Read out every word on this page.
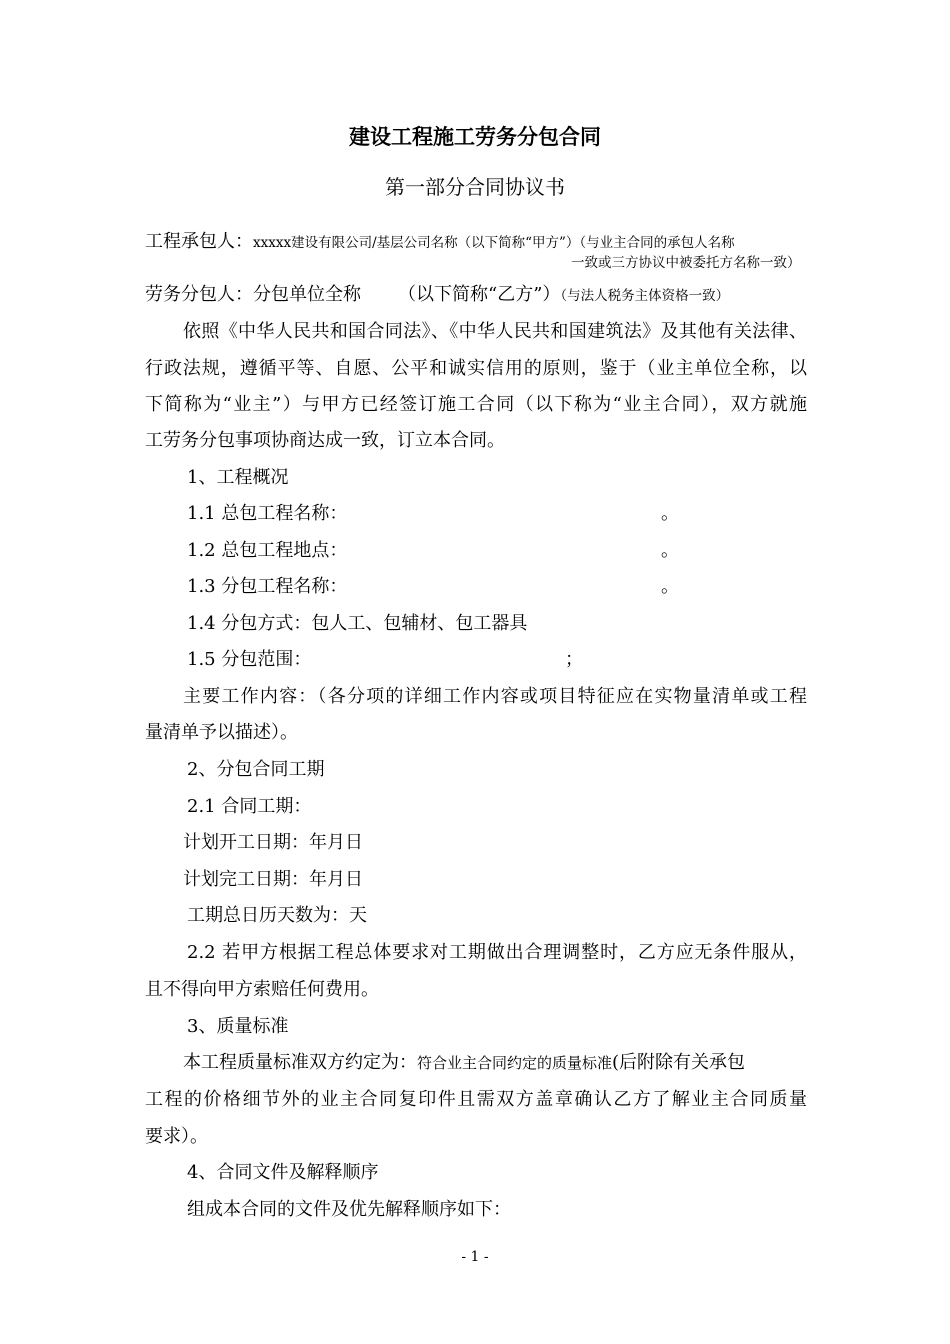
建设工程施工劳务分包合同
第一部分合同协议书
工程承包人：xxxxx建设有限公司/基层公司名称（以下简称“甲方”）（与业主合同的承包人名称
一致或三方协议中被委托方名称一致）
劳务分包人：分包单位全称 （以下简称“乙方”）（与法人税务主体资格一致）
依照《中华人民共和国合同法》、《中华人民共和国建筑法》及其他有关法律、
行政法规，遵循平等、自愿、公平和诚实信用的原则，鉴于（业主单位全称，以
下简称为“业主”）与甲方已经签订施工合同（以下称为“业主合同），双方就施
工劳务分包事项协商达成一致，订立本合同。
1、工程概况
1.1 总包工程名称：	。
1.2 总包工程地点：	。
1.3 分包工程名称：	。
1.4 分包方式：包人工、包辅材、包工器具
1.5 分包范围：	；
主要工作内容：（各分项的详细工作内容或项目特征应在实物量清单或工程
量清单予以描述）。
2、分包合同工期
2.1 合同工期：
计划开工日期：年月日
计划完工日期：年月日
工期总日历天数为：天
2.2 若甲方根据工程总体要求对工期做出合理调整时，乙方应无条件服从，
且不得向甲方索赔任何费用。
3、质量标准
本工程质量标准双方约定为：符合业主合同约定的质量标准(后附除有关承包
工程的价格细节外的业主合同复印件且需双方盖章确认乙方了解业主合同质量
要求）。
4、合同文件及解释顺序
组成本合同的文件及优先解释顺序如下：
- 1 -
